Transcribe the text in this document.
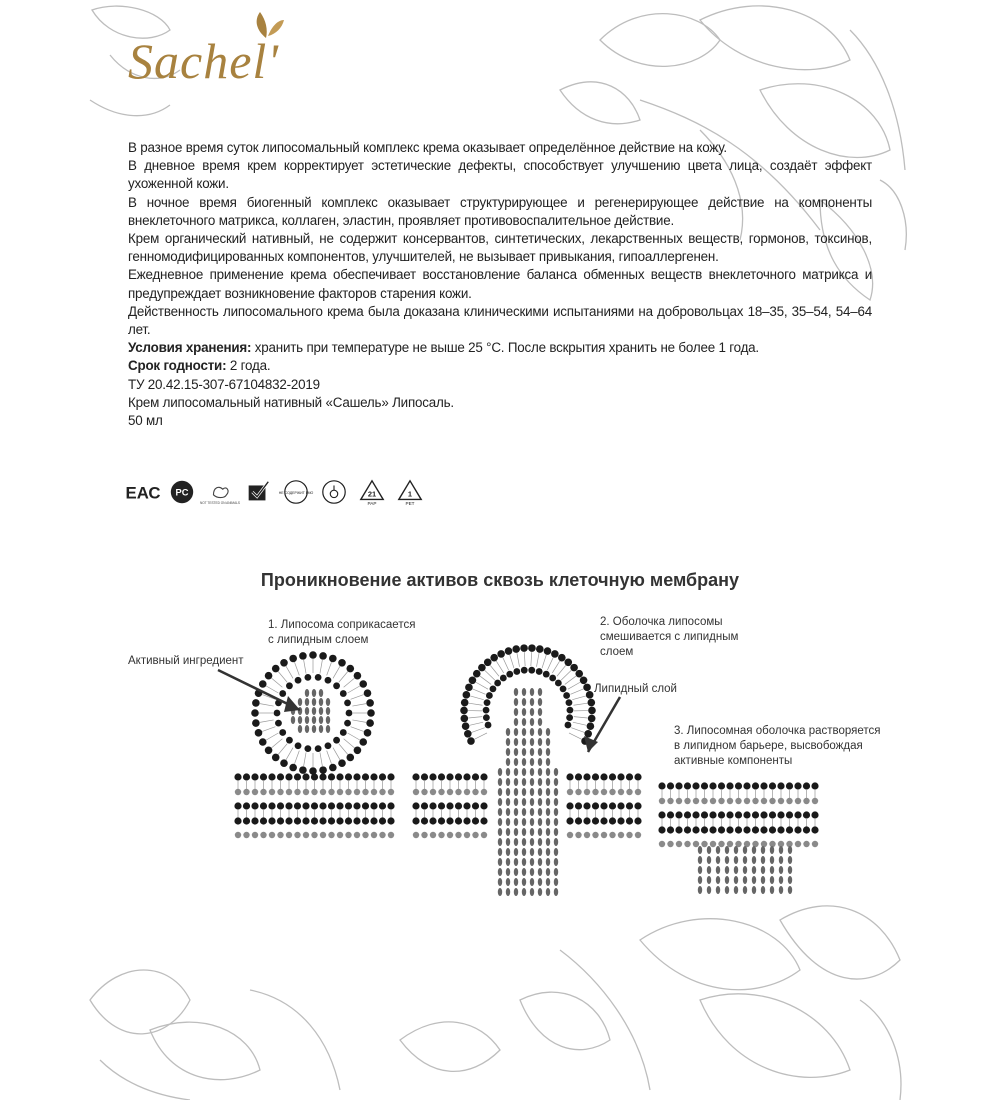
Sachel'

В разное время суток липосомальный комплекс крема оказывает определённое действие на кожу.

В дневное время крем корректирует эстетические дефекты, способствует улучшению цвета лица, создаёт эффект ухоженной кожи.

В ночное время биогенный комплекс оказывает структурирующее и регенерирующее действие на компоненты внеклеточного матрикса, коллаген, эластин, проявляет противовоспалительное действие.

Крем органический нативный, не содержит консервантов, синтетических, лекарственных веществ, гормонов, токсинов, генномодифицированных компонентов, улучшителей, не вызывает привыкания, гипоаллергенен.

Ежедневное применение крема обеспечивает восстановление баланса обменных веществ внеклеточного матрикса и предупреждает возникновение факторов старения кожи.

Действенность липосомального крема была доказана клиническими испытаниями на добровольцах 18–35, 35–54, 54–64 лет.

Условия хранения: хранить при температуре не выше 25 °С. После вскрытия хранить не более 1 года.

Срок годности: 2 года.

ТУ 20.42.15-307-67104832-2019

Крем липосомальный нативный «Сашель» Липосаль.

50 мл

ЕАС PC
NOT TESTED ON ANIMALS
НЕ СОДЕРЖИТ ГМО	21
PAP
1
PET
Проникновение активов сквозь клеточную мембрану
1. Липосома соприкасается
с липидным слоем
2. Оболочка липосомы
смешивается с липидным
слоем
3. Липосомная оболочка растворяется
в липидном барьере, высвобождая
активные компоненты
Активный ингредиент
Липидный слой
